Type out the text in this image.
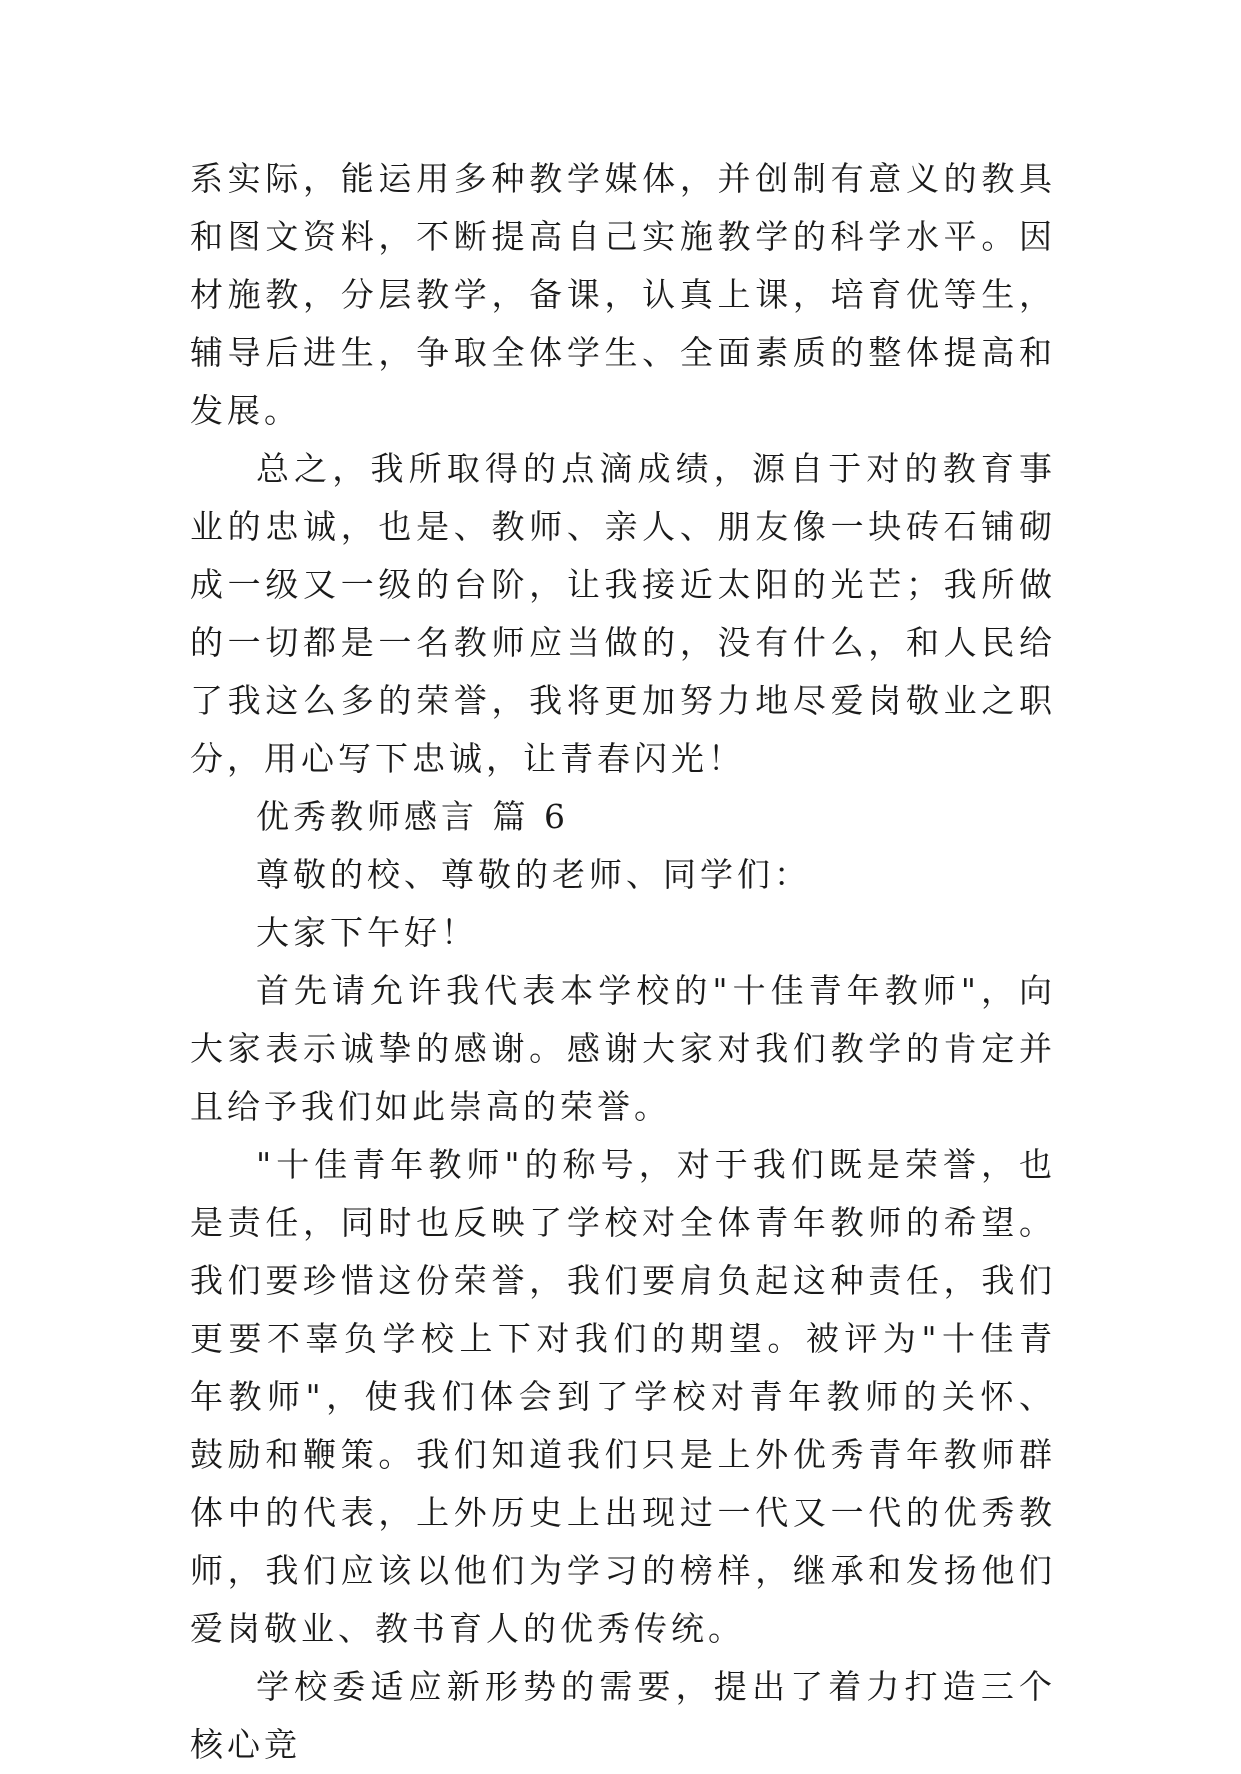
系实际，能运用多种教学媒体，并创制有意义的教具和图文资料，不断提高自己实施教学的科学水平。因材施教，分层教学，备课，认真上课，培育优等生，辅导后进生，争取全体学生、全面素质的整体提高和发展。

总之，我所取得的点滴成绩，源自于对的教育事业的忠诚，也是、教师、亲人、朋友像一块砖石铺砌成一级又一级的台阶，让我接近太阳的光芒；我所做的一切都是一名教师应当做的，没有什么，和人民给了我这么多的荣誉，我将更加努力地尽爱岗敬业之职分，用心写下忠诚，让青春闪光！

优秀教师感言 篇 6

尊敬的校、尊敬的老师、同学们：

大家下午好！

首先请允许我代表本学校的"十佳青年教师"，向大家表示诚挚的感谢。感谢大家对我们教学的肯定并且给予我们如此崇高的荣誉。

"十佳青年教师"的称号，对于我们既是荣誉，也是责任，同时也反映了学校对全体青年教师的希望。我们要珍惜这份荣誉，我们要肩负起这种责任，我们更要不辜负学校上下对我们的期望。被评为"十佳青年教师"，使我们体会到了学校对青年教师的关怀、鼓励和鞭策。我们知道我们只是上外优秀青年教师群体中的代表，上外历史上出现过一代又一代的优秀教师，我们应该以他们为学习的榜样，继承和发扬他们爱岗敬业、教书育人的优秀传统。

学校委适应新形势的需要，提出了着力打造三个核心竞
